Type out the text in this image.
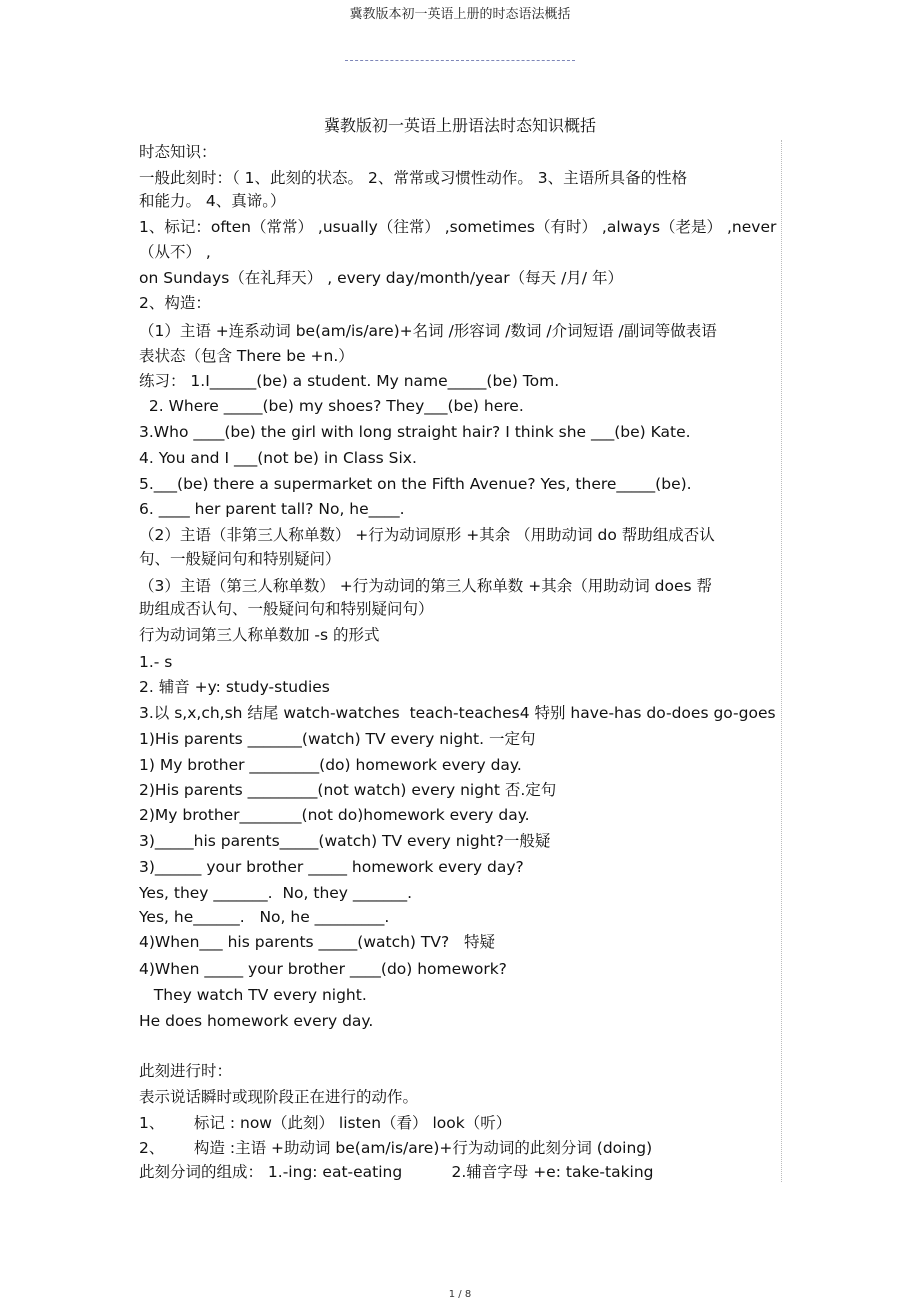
冀教版本初一英语上册的时态语法概括
冀教版初一英语上册语法时态知识概括
时态知识：
一般此刻时：（ 1、此刻的状态。 2、常常或习惯性动作。 3、主语所具备的性格
和能力。 4、真谛。）
1、标记：often（常常） ,usually（往常） ,sometimes（有时） ,always（老是） ,never
（从不） ,
on Sundays（在礼拜天） , every day/month/year（每天 /月/ 年）
2、构造：
（1）主语 +连系动词 be(am/is/are)+名词 /形容词 /数词 /介词短语 /副词等做表语
表状态（包含 There be +n.）
练习： 1.I______(be) a student. My name_____(be) Tom.
2. Where _____(be) my shoes? They___(be) here.
3.Who ____(be) the girl with long straight hair? I think she ___(be) Kate.
4. You and I ___(not be) in Class Six.
5.___(be) there a supermarket on the Fifth Avenue? Yes, there_____(be).
6. ____ her parent tall? No, he____.
（2）主语（非第三人称单数） +行为动词原形 +其余 （用助动词 do 帮助组成否认
句、一般疑问句和特别疑问）
（3）主语（第三人称单数） +行为动词的第三人称单数 +其余（用助动词 does 帮
助组成否认句、一般疑问句和特别疑问句）
行为动词第三人称单数加 -s 的形式
1.- s
2. 辅音 +y: study-studies
3.以 s,x,ch,sh 结尾 watch-watches  teach-teaches4 特别 have-has do-does go-goes
1)His parents _______(watch) TV every night. 一定句
1) My brother _________(do) homework every day.
2)His parents _________(not watch) every night 否.定句
2)My brother________(not do)homework every day.
3)_____his parents_____(watch) TV every night?一般疑
3)______ your brother _____ homework every day?
Yes, they _______.  No, they _______.
Yes, he______.   No, he _________.
4)When___ his parents _____(watch) TV?   特疑
4)When _____ your brother ____(do) homework?
They watch TV every night.
He does homework every day.
此刻进行时：
表示说话瞬时或现阶段正在进行的动作。
1、      标记 : now（此刻） listen（看） look（听）
2、      构造 :主语 +助动词 be(am/is/are)+行为动词的此刻分词 (doing)
此刻分词的组成： 1.-ing: eat-eating          2.辅音字母 +e: take-taking
1 / 8
